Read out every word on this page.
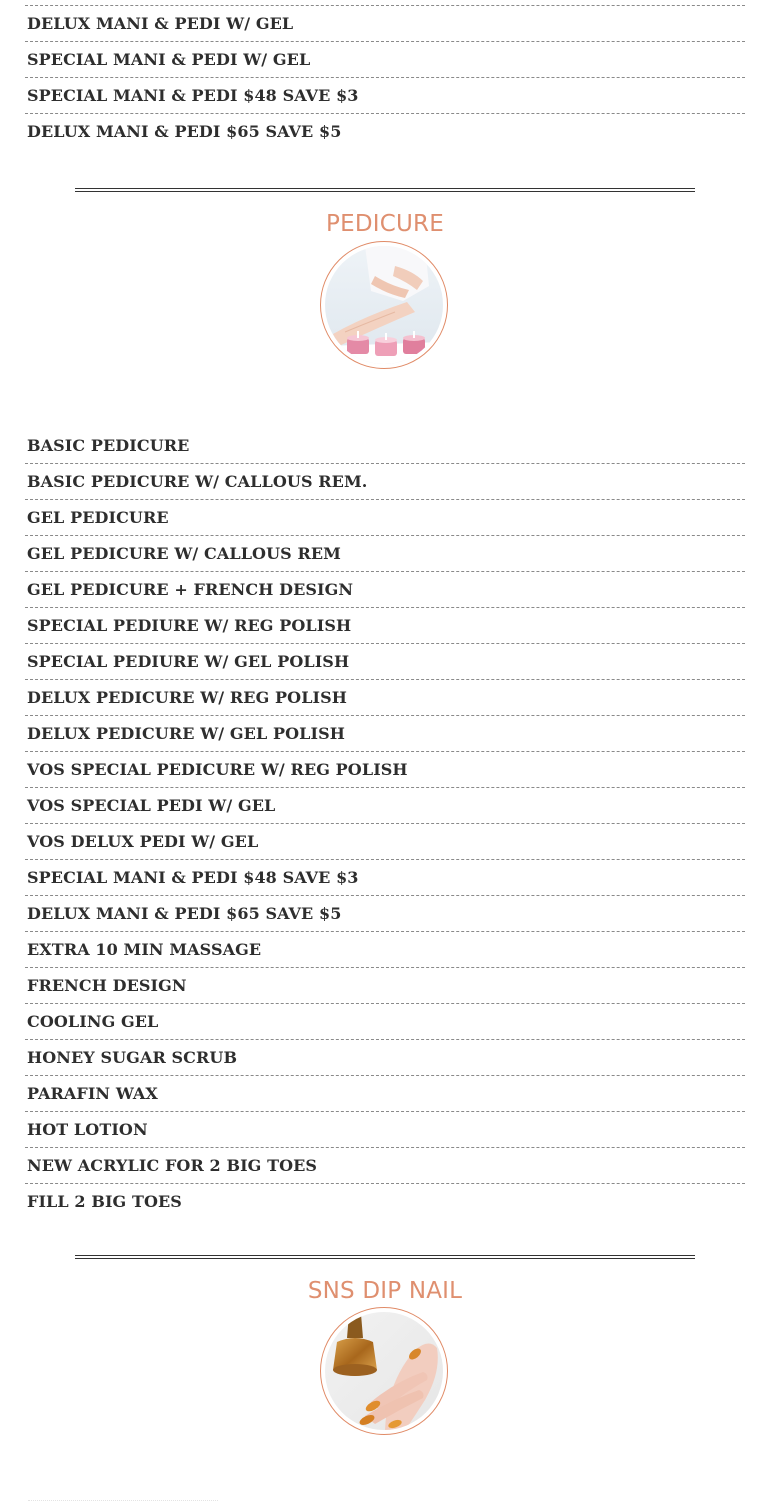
DELUX MANI & PEDI W/ GEL
SPECIAL MANI & PEDI W/ GEL
SPECIAL MANI & PEDI $48 SAVE $3
DELUX MANI & PEDI $65 SAVE $5
PEDICURE
BASIC PEDICURE
BASIC PEDICURE W/ CALLOUS REM.
GEL PEDICURE
GEL PEDICURE W/ CALLOUS REM
GEL PEDICURE + FRENCH DESIGN
SPECIAL PEDIURE W/ REG POLISH
SPECIAL PEDIURE W/ GEL POLISH
DELUX PEDICURE W/ REG POLISH
DELUX PEDICURE W/ GEL POLISH
VOS SPECIAL PEDICURE W/ REG POLISH
VOS SPECIAL PEDI W/ GEL
VOS DELUX PEDI W/ GEL
SPECIAL MANI & PEDI $48 SAVE $3
DELUX MANI & PEDI $65 SAVE $5
EXTRA 10 MIN MASSAGE
FRENCH DESIGN
COOLING GEL
HONEY SUGAR SCRUB
PARAFIN WAX
HOT LOTION
NEW ACRYLIC FOR 2 BIG TOES
FILL 2 BIG TOES
SNS DIP NAIL
